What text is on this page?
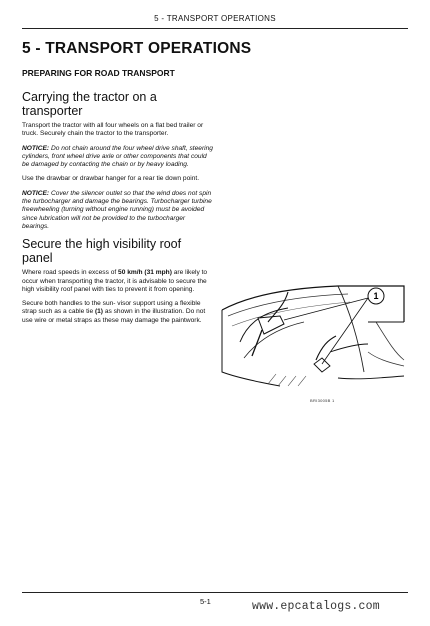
5 - TRANSPORT OPERATIONS
5 - TRANSPORT OPERATIONS
PREPARING FOR ROAD TRANSPORT
Carrying the tractor on a transporter

Transport the tractor with all four wheels on a flat bed trailer or truck. Securely chain the tractor to the transporter.

NOTICE: Do not chain around the four wheel drive shaft, steering cylinders, front wheel drive axle or other components that could be damaged by contacting the chain or by heavy loading.

Use the drawbar or drawbar hanger for a rear tie down point.

NOTICE: Cover the silencer outlet so that the wind does not spin the turbocharger and damage the bearings. Turbocharger turbine freewheeling (turning without engine running) must be avoided since lubrication will not be provided to the turbocharger bearings.

Secure the high visibility roof panel

Where road speeds in excess of 50 km/h (31 mph) are likely to occur when transporting the tractor, it is advisable to secure the high visibility roof panel with ties to prevent it from opening.

Secure both handles to the sun- visor support using a flexible strap such as a cable tie (1) as shown in the illustration. Do not use wire or metal straps as these may damage the paintwork.

1
BRI3005B 1
5-1	www.epcatalogs.com
